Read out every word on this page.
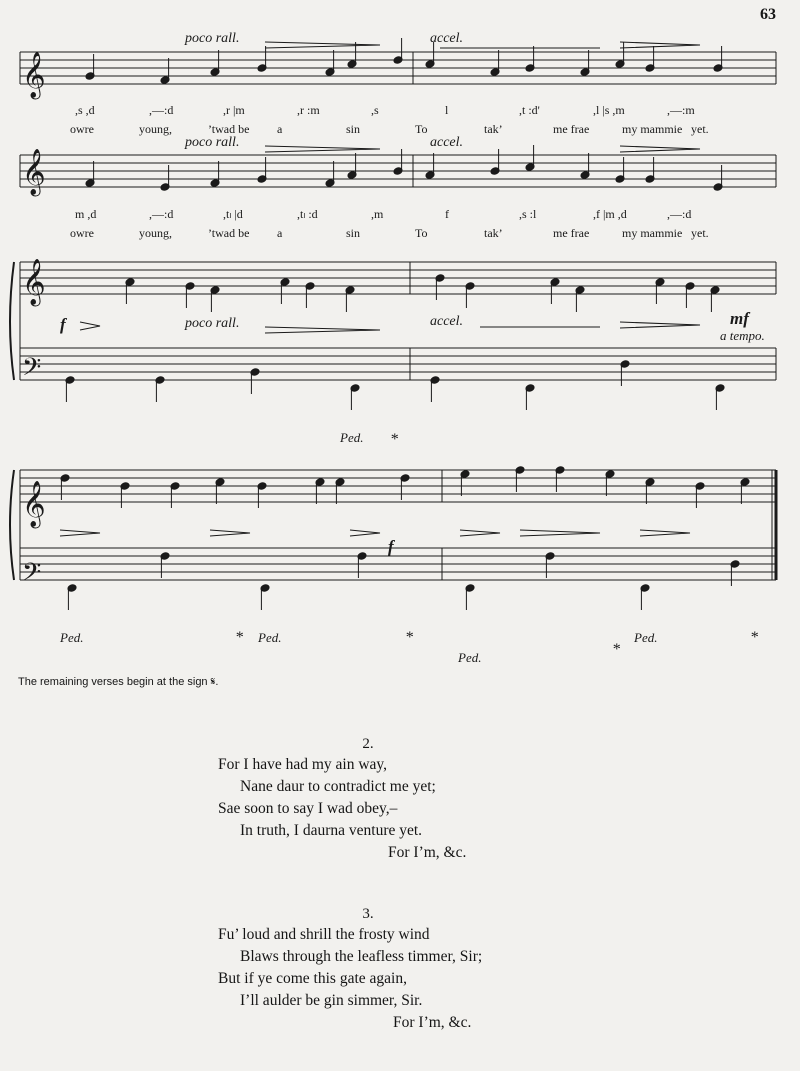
63
𝄞
𝄞
𝄞
𝄞
𝄢
𝄢
poco rall.	accel.
poco rall.	accel.
poco rall.	accel.
a tempo.
f
f
mf
,s ,d	,—:d	,r |m	,r :m	,s	l	,t :d'	,l |s ,m	,—:m
owre	young,	’twad be a	sin	To	tak’	me frae	my mammie yet.
m ,d	,—:d	,tₗ |d	,tₗ :d	,m	f	,s :l	,f |m ,d	,—:d
owre	young,	’twad be a	sin	To	tak’	me frae	my mammie yet.
Ped. *
Ped.	* Ped.	*
Ped.	*
Ped.	*
The remaining verses begin at the sign 𝄋.
2.
For I have had my ain way,
Nane daur to contradict me yet;
Sae soon to say I wad obey,–
In truth, I daurna venture yet.
For I’m, &c.
3.
Fu’ loud and shrill the frosty wind
Blaws through the leafless timmer, Sir;
But if ye come this gate again,
I’ll aulder be gin simmer, Sir.
For I’m, &c.
